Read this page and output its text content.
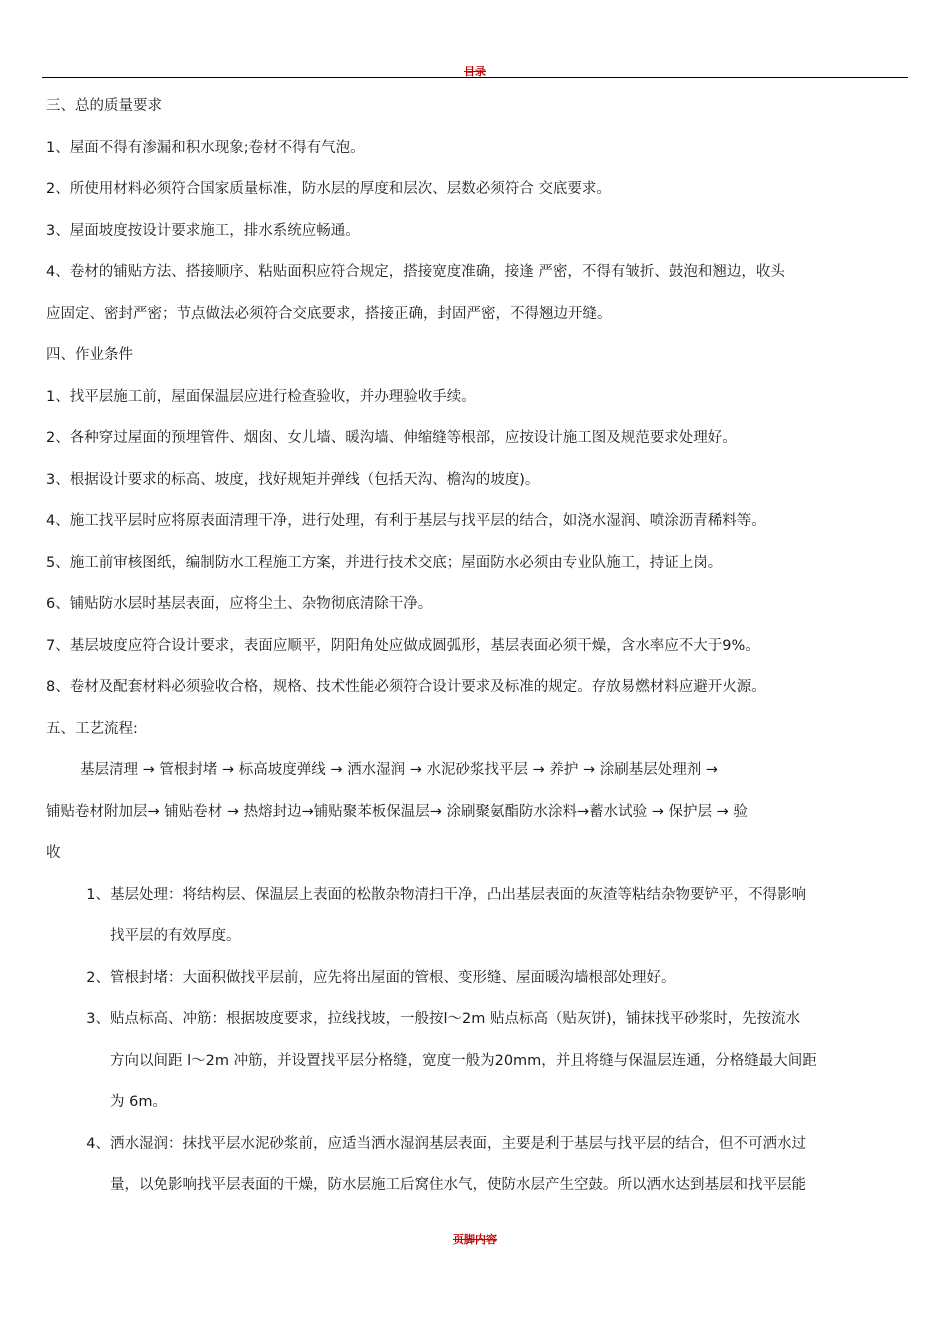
目录

三、总的质量要求

1、屋面不得有渗漏和积水现象;卷材不得有气泡。

2、所使用材料必须符合国家质量标准，防水层的厚度和层次、层数必须符合 交底要求。

3、屋面坡度按设计要求施工，排水系统应畅通。

4、卷材的铺贴方法、搭接顺序、粘贴面积应符合规定，搭接宽度准确，接逢 严密，不得有皱折、鼓泡和翘边，收头

应固定、密封严密；节点做法必须符合交底要求，搭接正确，封固严密，不得翘边开缝。

四、作业条件

1、找平层施工前，屋面保温层应进行检查验收，并办理验收手续。

2、各种穿过屋面的预埋管件、烟囱、女儿墙、暖沟墙、伸缩缝等根部，应按设计施工图及规范要求处理好。

3、根据设计要求的标高、坡度，找好规矩并弹线（包括天沟、檐沟的坡度)。

4、施工找平层时应将原表面清理干净，进行处理，有利于基层与找平层的结合，如浇水湿润、喷涂沥青稀料等。

5、施工前审核图纸，编制防水工程施工方案，并进行技术交底；屋面防水必须由专业队施工，持证上岗。

6、铺贴防水层时基层表面，应将尘土、杂物彻底清除干净。

7、基层坡度应符合设计要求，表面应顺平，阴阳角处应做成圆弧形，基层表面必须干燥，含水率应不大于9%。

8、卷材及配套材料必须验收合格，规格、技术性能必须符合设计要求及标准的规定。存放易燃材料应避开火源。

五、工艺流程:

基层清理 → 管根封堵 → 标高坡度弹线 → 洒水湿润 → 水泥砂浆找平层 → 养护 → 涂刷基层处理剂 →

铺贴卷材附加层→ 铺贴卷材 → 热熔封边→铺贴聚苯板保温层→ 涂刷聚氨酯防水涂料→蓄水试验 → 保护层 → 验

收

1、 基层处理：将结构层、保温层上表面的松散杂物清扫干净，凸出基层表面的灰渣等粘结杂物要铲平，不得影响
找平层的有效厚度。
2、 管根封堵：大面积做找平层前，应先将出屋面的管根、变形缝、屋面暖沟墙根部处理好。
3、 贴点标高、冲筋：根据坡度要求，拉线找坡，一般按l～2m 贴点标高（贴灰饼)，铺抹找平砂浆时，先按流水
方向以间距 l～2m 冲筋，并设置找平层分格缝，宽度一般为20mm，并且将缝与保温层连通，分格缝最大间距
为 6m。
4、 洒水湿润：抹找平层水泥砂浆前，应适当洒水湿润基层表面，主要是利于基层与找平层的结合，但不可洒水过
量，以免影响找平层表面的干燥，防水层施工后窝住水气，使防水层产生空鼓。所以洒水达到基层和找平层能
页脚内容
